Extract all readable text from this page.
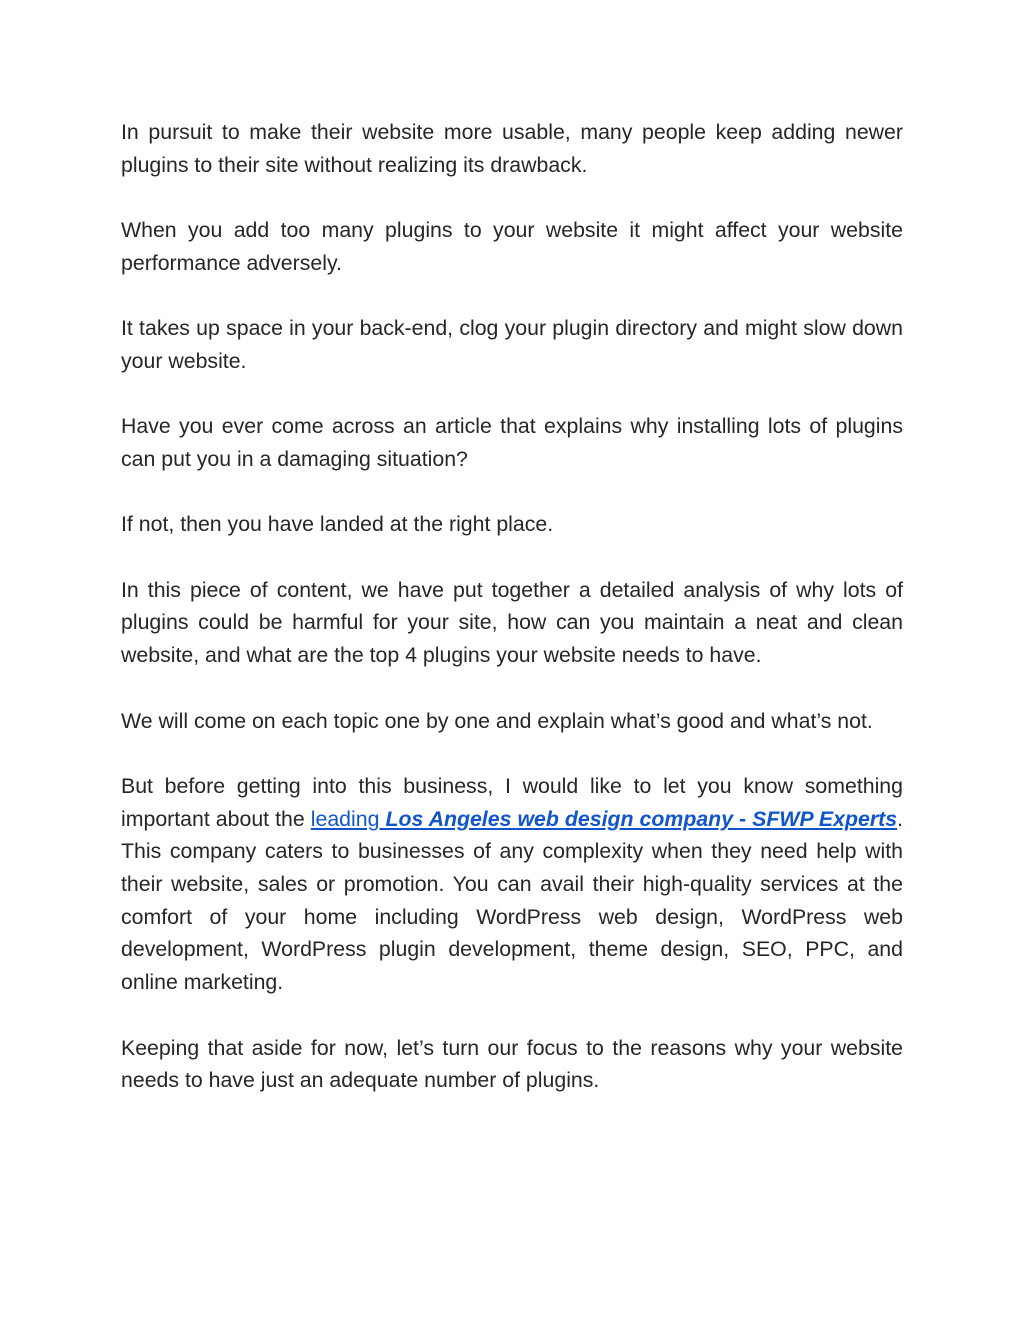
In pursuit to make their website more usable, many people keep adding newer plugins to their site without realizing its drawback.

When you add too many plugins to your website it might affect your website performance adversely.

It takes up space in your back-end, clog your plugin directory and might slow down your website.

Have you ever come across an article that explains why installing lots of plugins can put you in a damaging situation?

If not, then you have landed at the right place.

In this piece of content, we have put together a detailed analysis of why lots of plugins could be harmful for your site, how can you maintain a neat and clean website, and what are the top 4 plugins your website needs to have.

We will come on each topic one by one and explain what’s good and what’s not.

But before getting into this business, I would like to let you know something important about the leading Los Angeles web design company - SFWP Experts. This company caters to businesses of any complexity when they need help with their website, sales or promotion. You can avail their high-quality services at the comfort of your home including WordPress web design, WordPress web development, WordPress plugin development, theme design, SEO, PPC, and online marketing.

Keeping that aside for now, let’s turn our focus to the reasons why your website needs to have just an adequate number of plugins.
